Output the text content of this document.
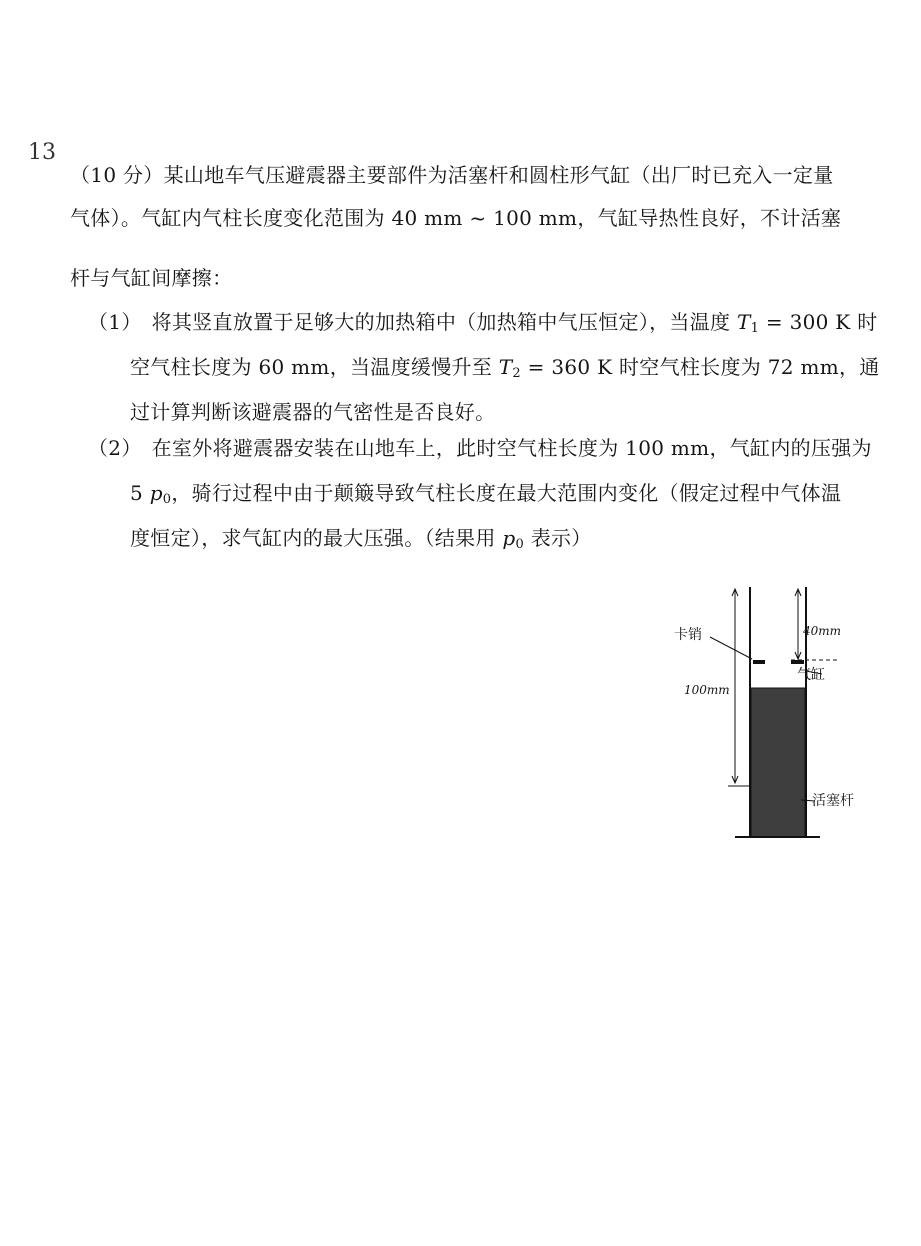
13
（10 分）某山地车气压避震器主要部件为活塞杆和圆柱形气缸（出厂时已充入一定量
气体）。气缸内气柱长度变化范围为 40 mm ~ 100 mm，气缸导热性良好，不计活塞
杆与气缸间摩擦：
（1） 将其竖直放置于足够大的加热箱中（加热箱中气压恒定），当温度 $T_1 = 300$ K 时
空气柱长度为 60 mm，当温度缓慢升至 $T_2 = 360$ K 时空气柱长度为 72 mm，通
过计算判断该避震器的气密性是否良好。
（2） 在室外将避震器安装在山地车上，此时空气柱长度为 100 mm，气缸内的压强为
5 $p_0$，骑行过程中由于颠簸导致气柱长度在最大范围内变化（假定过程中气体温
度恒定），求气缸内的最大压强。（结果用 $p_0$ 表示）
卡销	40mm
100mm
气缸
活塞杆
